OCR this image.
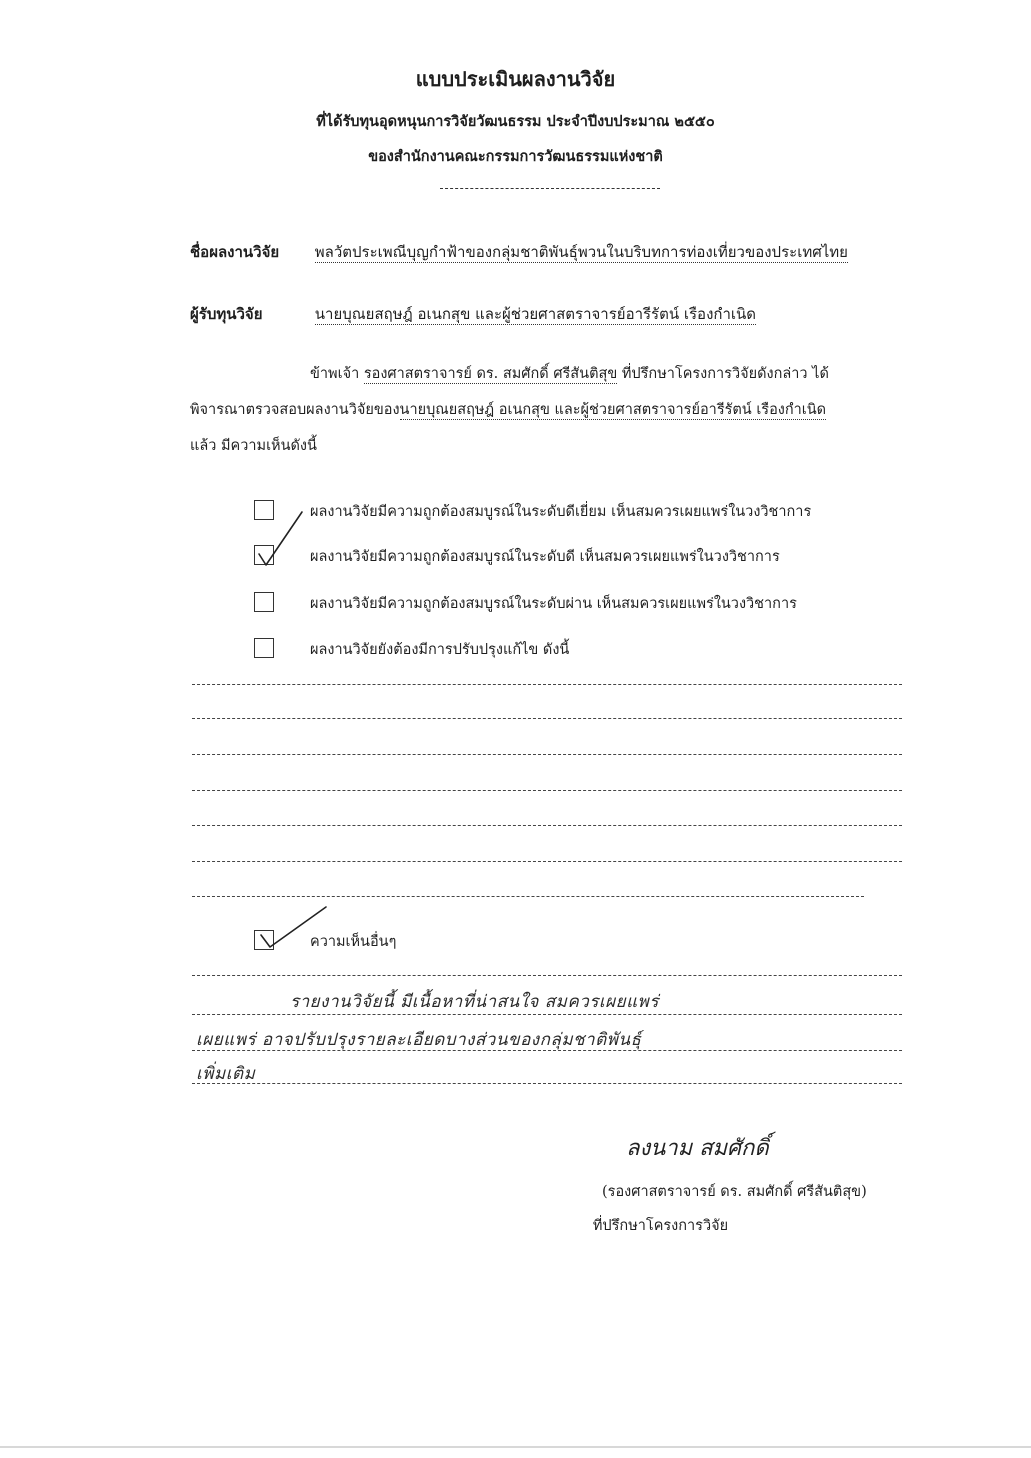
แบบประเมินผลงานวิจัย
ที่ได้รับทุนอุดหนุนการวิจัยวัฒนธรรม ประจำปีงบประมาณ ๒๕๕๐
ของสำนักงานคณะกรรมการวัฒนธรรมแห่งชาติ
ชื่อผลงานวิจัย พลวัตประเพณีบุญกำฟ้าของกลุ่มชาติพันธุ์พวนในบริบทการท่องเที่ยวของประเทศไทย
ผู้รับทุนวิจัย	นายบุณยสฤษฎ์ อเนกสุข และผู้ช่วยศาสตราจารย์อารีรัตน์ เรืองกำเนิด
ข้าพเจ้า รองศาสตราจารย์ ดร. สมศักดิ์ ศรีสันติสุข ที่ปรึกษาโครงการวิจัยดังกล่าว ได้
พิจารณาตรวจสอบผลงานวิจัยของนายบุณยสฤษฎ์ อเนกสุข และผู้ช่วยศาสตราจารย์อารีรัตน์ เรืองกำเนิด
แล้ว มีความเห็นดังนี้
ผลงานวิจัยมีความถูกต้องสมบูรณ์ในระดับดีเยี่ยม เห็นสมควรเผยแพร่ในวงวิชาการ
ผลงานวิจัยมีความถูกต้องสมบูรณ์ในระดับดี เห็นสมควรเผยแพร่ในวงวิชาการ
ผลงานวิจัยมีความถูกต้องสมบูรณ์ในระดับผ่าน เห็นสมควรเผยแพร่ในวงวิชาการ
ผลงานวิจัยยังต้องมีการปรับปรุงแก้ไข ดังนี้
ความเห็นอื่นๆ
รายงานวิจัยนี้ มีเนื้อหาที่น่าสนใจ สมควรเผยแพร่
เผยแพร่ อาจปรับปรุงรายละเอียดบางส่วนของกลุ่มชาติพันธุ์
เพิ่มเติม
ลงนาม สมศักดิ์
(รองศาสตราจารย์ ดร. สมศักดิ์ ศรีสันติสุข)
ที่ปรึกษาโครงการวิจัย
